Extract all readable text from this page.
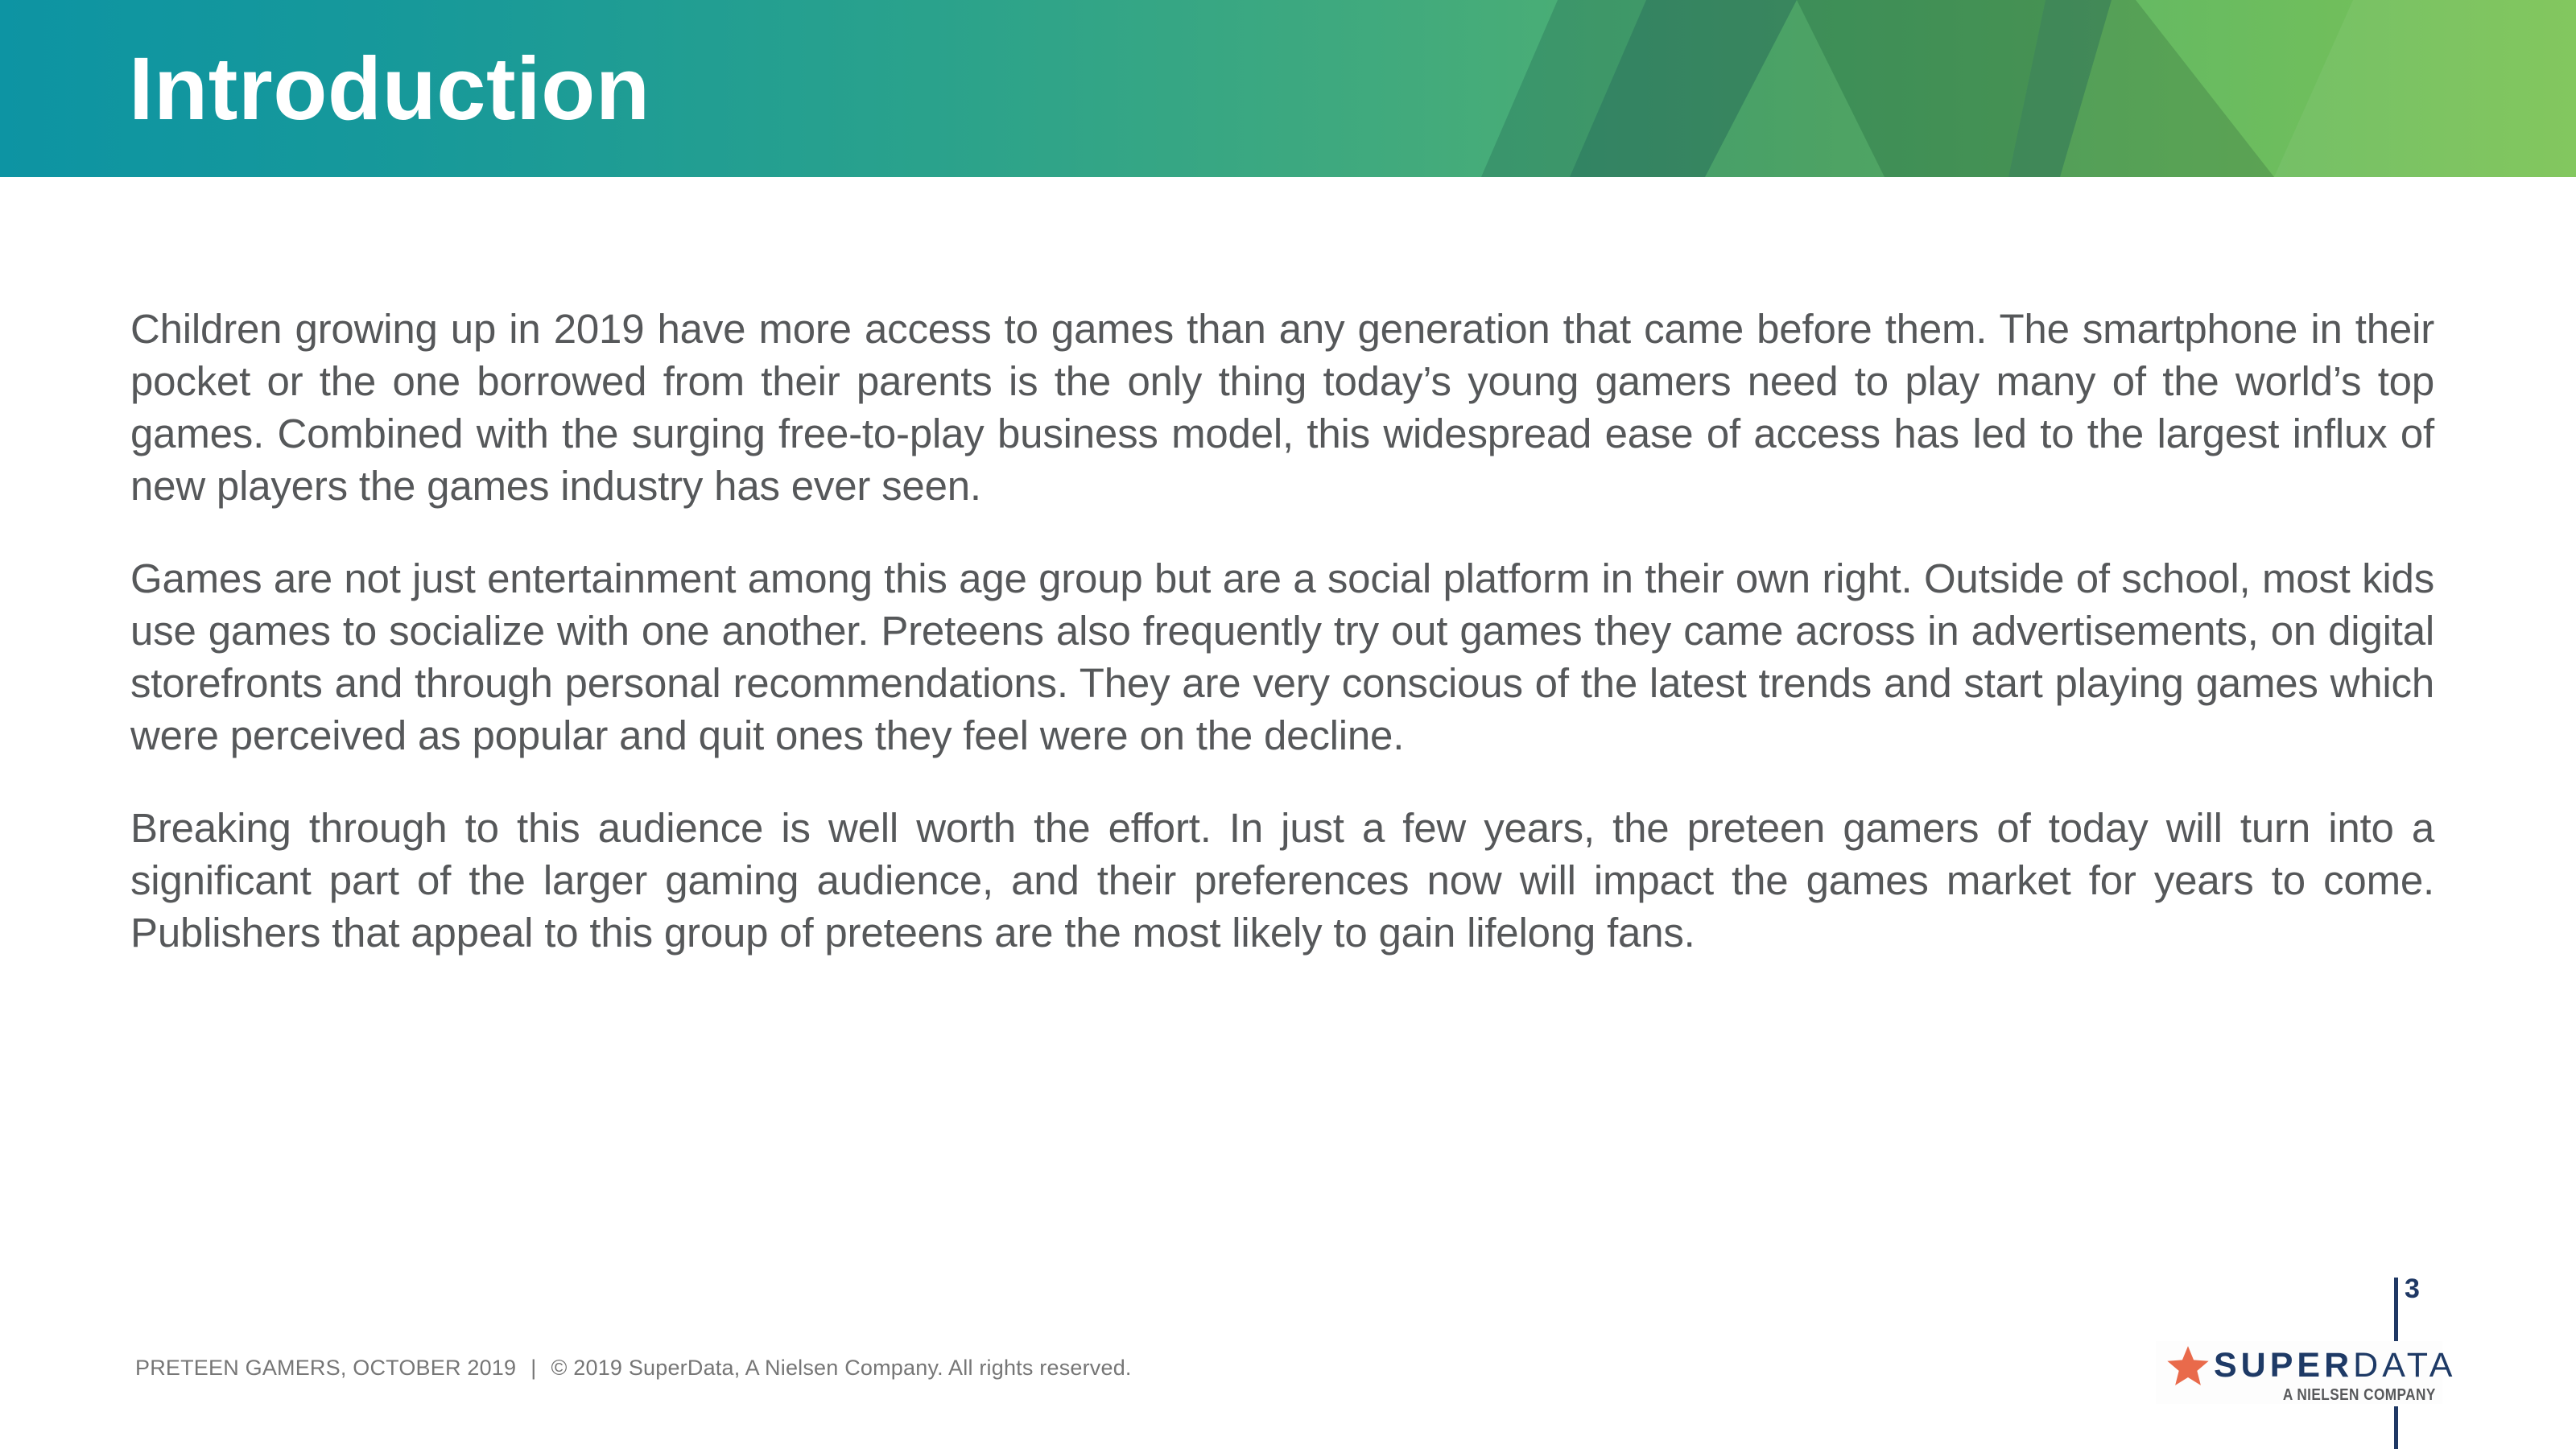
Introduction

Children growing up in 2019 have more access to games than any generation that came before them. The smartphone in their pocket or the one borrowed from their parents is the only thing today’s young gamers need to play many of the world’s top games. Combined with the surging free-to-play business model, this widespread ease of access has led to the largest influx of new players the games industry has ever seen.

Games are not just entertainment among this age group but are a social platform in their own right. Outside of school, most kids use games to socialize with one another. Preteens also frequently try out games they came across in advertisements, on digital storefronts and through personal recommendations. They are very conscious of the latest trends and start playing games which were perceived as popular and quit ones they feel were on the decline.

Breaking through to this audience is well worth the effort. In just a few years, the preteen gamers of today will turn into a significant part of the larger gaming audience, and their preferences now will impact the games market for years to come. Publishers that appeal to this group of preteens are the most likely to gain lifelong fans.

PRETEEN GAMERS, OCTOBER 2019 | © 2019 SuperData, A Nielsen Company. All rights reserved.
3
SUPERDATA
A NIELSEN COMPANY
